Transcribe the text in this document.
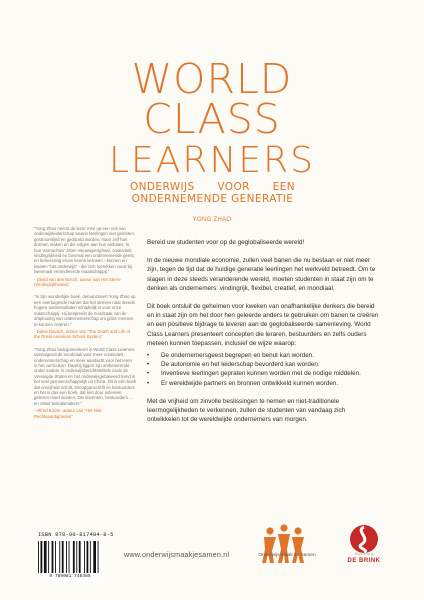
WORLD
CLASS
LEARNERS
ONDERWIJS VOOR EEN
ONDERNEMENDE GENERATIE
YONG ZHAO
"Yong Zhao neemt de lezer mee op een reis van onderwijsleiderschap waarin leerlingen niet gemeten, gestroomlijnd en gedijzeld worden, maar zelf hun dromen maken en die volgen aan hun ambities. In hun 'anmachtes' zitten nieuwsgierigheid, creativiteit, vindingrijkheid en bovenal een ondernemende geest; en beheersing ervan kenne kerneen - kennen en kwaten "het onderwijs" - die zich toerekken voort bij tweemaal veranderende maatschappij."
- David van den Bosch, auteur van Het Sterre (Vindingrijkheden)
"In zijn wonderlijke boek, demonstreert Yong Zhao op een overtuigende manier dat het streven naar steeds hogere toetsresultaten schadelijk is voor onze maatschappij. Hij bespreekt de noodzaak van de ontplooiing van ondernemerschap om grote mensen te kunnen creëren."
- Diane Ravitch, auteur van "The Death and Life of the Great American School System"
"Yong Zhao beargumenteert in World Class Learners overtuigend de noodzaak voor meer creativiteit, ondernemerschap en meer aandacht voor het leren in het curriculum. Daarbij liggen zijn ambeoerende onder andere in onderwijsberichtstelsels zoals de Verenigde Staten en het onderwijsgebaseerd trend in het veel gemeenschappelijk uit China. Dit is een boek dat onvrijheid scholt, stroopganschrift en bestuurders en het is dus een boek, dat niet door iedereen gelezen moet worden. Die docenten, bestuurders ... en zeker beleidsmakers."
- Alfred Kinzie, auteur van "Het Niet Rechtvaardigheden"

Bereid uw studenten voor op de geglobaliseerde wereld!

In de nieuwe mondiale economie, zullen veel banen die nu bestaan er niet meer zijn, tegen de tijd dat de huidige generatie leerlingen het werkveld betreedt. Om te slagen in deze steeds veranderende wereld, moeten studenten in staat zijn om te denken als ondernemers: vindingrijk, flexibel, creatief, en mondiaal.

Dit boek ontsluit de geheimen voor kweken van onafhankelijke denkers die bereid en in staat zijn om het door hen geleerde anders te gebruiken om banen te creëren en een positieve bijdrage te leveren aan de geglobaliseerde samenleving. World Class Learners presenteert concepten die leraren, bestuurders en zelfs ouders meteen kunnen toepassen, inclusief de wijze waarop:

• De ondernemersgeest begrepen en benut kan worden.
• De autonomie en het leiderschap bevorderd kan worden.
• Inventieve leerlingen gepraten kunnen worden met de nodige middelen.
• Er wereldwijde partners en bronnen ontwikkeld kunnen worden.

Met de vrijheid om zinvolle beslissingen te nemen en niet-traditionele leermogelijkheden te verkennen, zullen de studenten van vandaag zich ontwikkelen tot de wereldwijde ondernemers van morgen.

ISBN 978-90-817484-8-5
9 789081 748485
www.onderwijsmaakjesamen.nl	Onderwijs Maak Je Samen	Stichting
DE BRINK
